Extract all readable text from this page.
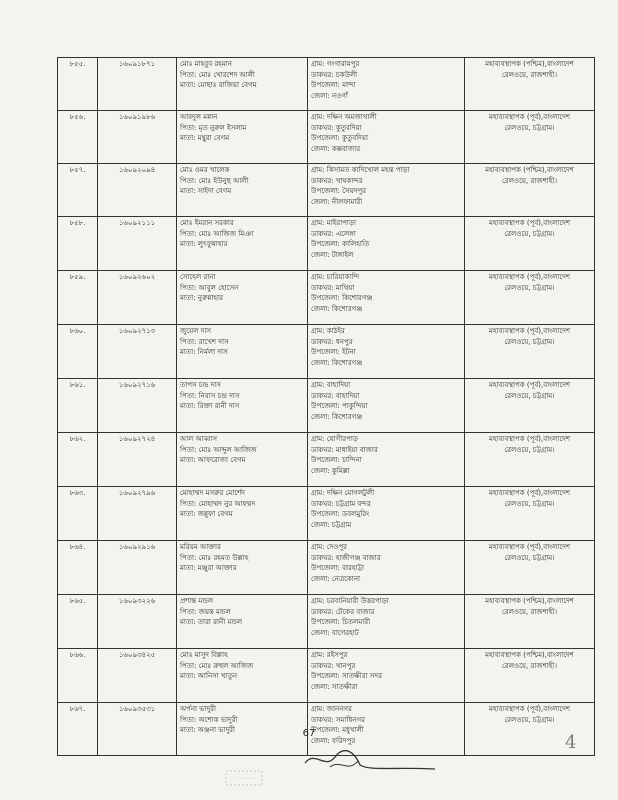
৮৫৫.	১৬০৯১৮৭১	মোঃ মাহবুব রহমান
পিতা: মোঃ খোরশেদ আলী
মাতা: মোছাঃ রাজিয়া বেগম	গ্রাম: গংগারামপুর
ডাকঘর: চকউলী
উপজেলা: মান্দা
জেলা: নওগাঁ	মহাব্যবস্থাপক (পশ্চিম),বাংলাদেশ
রেলওয়ে, রাজশাহী।

৮৫৬.	১৬০৯১৯৮৬	আবদুল মন্নান
পিতা: মৃত নুরুল ইসলাম
মাতা: মন্থুরা বেগম	গ্রাম: দক্ষিন অমজাখালী
ডাকঘর: কুতুবদিয়া
উপজেলা: কুতুবদিয়া
জেলা: কক্সবাজার	মহাব্যবস্থাপক (পূর্ব),বাংলাদেশ
রেলওয়ে, চট্টগ্রাম।

৮৫৭.	১৬০৯২০৯৪	মোঃ ওমর খালেক
পিতা: মোঃ ইউনুছ আলী
মাতা: সাইদা বেগম	গ্রাম: কিসামত কাদিখোল মহন্ত পাড়া
ডাকঘর: খাষকান্দর
উপজেলা: সৈয়দপুর
জেলা: নীলফামারী	মহাব্যবস্থাপক (পশ্চিম),বাংলাদেশ
রেলওয়ে, রাজশাহী।

৮৫৮.	১৬০৯২১১১	মোঃ ইমরান সরকার
পিতা: মোঃ আজিজ মিঞা
মাতা: লুৎফুন্নাহার	গ্রাম: মাইরাপাড়া
ডাকঘর: এলেঙ্গা
উপজেলা: কালিহাতি
জেলা: টাঙ্গাইল	মহাব্যবস্থাপক (পূর্ব),বাংলাদেশ
রেলওয়ে, চট্টগ্রাম।

৮৫৯.	১৬০৯২৬০২	সোহেল রানা
পিতা: আবুল হোসেন
মাতা: নুরুন্নাহার	গ্রাম: চারিয়াকান্দি
ডাকঘর: মাথিয়া
উপজেলা: কিশোরগঞ্জ
জেলা: কিশোরগঞ্জ	মহাব্যবস্থাপক (পূর্ব),বাংলাদেশ
রেলওয়ে, চট্টগ্রাম।

৮৬০.	১৬০৯২৭১৩	জুয়েল দাস
পিতা: রাখেশ দাস
মাতা: নির্মলা দাস	গ্রাম: কাঠইর
ডাকঘর: ধনপুর
উপজেলা: ইটনা
জেলা: কিশোরগঞ্জ	মহাব্যবস্থাপক (পূর্ব),বাংলাদেশ
রেলওয়ে, চট্টগ্রাম।

৮৬১.	১৬০৯২৭১৬	তাপস চন্দ্র দাস
পিতা: নিবাস চন্দ্র দাস
মাতা: রিক্তা রানী দাস	গ্রাম: বাহাদিয়া
ডাকঘর: বাহাদিয়া
উপজেলা: পাকুন্দিয়া
জেলা: কিশোরগঞ্জ	মহাব্যবস্থাপক (পূর্ব),বাংলাদেশ
রেলওয়ে, চট্টগ্রাম।

৮৬২.	১৬০৯২৭২৪	আল আব্বাস
পিতা: মোঃ আব্দুল আজিজ
মাতা: আফরোজা বেগম	গ্রাম: যোগীরপাড়
ডাকঘর: মাধাইয়া বাজার
উপজেলা: চান্দিনা
জেলা: কুমিল্লা	মহাব্যবস্থাপক (পূর্ব),বাংলাদেশ
রেলওয়ে, চট্টগ্রাম।

৮৬৩.	১৬০৯২৭৯৬	মোহাম্মদ মসরুর মোর্শেদ
পিতা: মোহাম্মদ নুর আহম্মদ
মাতা: জন্নুফা বেগম	গ্রাম: দক্ষিন মোগলটুলী
ডাকঘর: চট্টগ্রাম বন্দর
উপজেলা: ডবলমুরিং
জেলা: চট্টগ্রাম	মহাব্যবস্থাপক (পূর্ব),বাংলাদেশ
রেলওয়ে, চট্টগ্রাম।

৮৬৪.	১৬০৯২৯১৬	মরিয়ম আক্তার
পিতা: মোঃ রহমত উল্লাহ
মাতা: মঞ্জুরা আক্তার	গ্রাম: দেওপুর
ডাকঘর: হাজীগঞ্জ বাজার
উপজেলা: বারহাট্টা
জেলা: নেত্রকোনা	মহাব্যবস্থাপক (পূর্ব),বাংলাদেশ
রেলওয়ে, চট্টগ্রাম।

৮৬৫.	১৬০৯৩২২৬	প্রশান্ত মন্ডল
পিতা: জয়ন্ত মন্ডল
মাতা: তারা রানী মন্ডল	গ্রাম: চরবানিয়ারী উত্তরপাড়া
ডাকঘর: টেকের বাজার
উপজেলা: চিতলমারী
জেলা: বাগেরহাট	মহাব্যবস্থাপক (পশ্চিম),বাংলাদেশ
রেলওয়ে, রাজশাহী।

৮৬৬.	১৬০৯৩৪২৫	মোঃ মাসুদ বিল্লাহ
পিতা: মোঃ রুহুল আজিজ
মাতা: আনিসা খাতুন	গ্রাম: রইসপুর
ডাকঘর: খানপুর
উপজেলা: সাতক্ষীরা সদর
জেলা: সাতক্ষীরা	মহাব্যবস্থাপক (পশ্চিম),বাংলাদেশ
রেলওয়ে, রাজশাহী।

৮৬৭.	১৬০৯৩৫৩১	অর্পনা ভাদুরী
পিতা: অশোক ভাদুরী
মাতা: অঞ্জনা ভাদুরী	গ্রাম: জাননগর
ডাকঘর: সমাধিনগর
উপজেলা: মধুখালী
জেলা: ফরিদপুর	মহাব্যবস্থাপক (পূর্ব),বাংলাদেশ
রেলওয়ে, চট্টগ্রাম।
67	4
